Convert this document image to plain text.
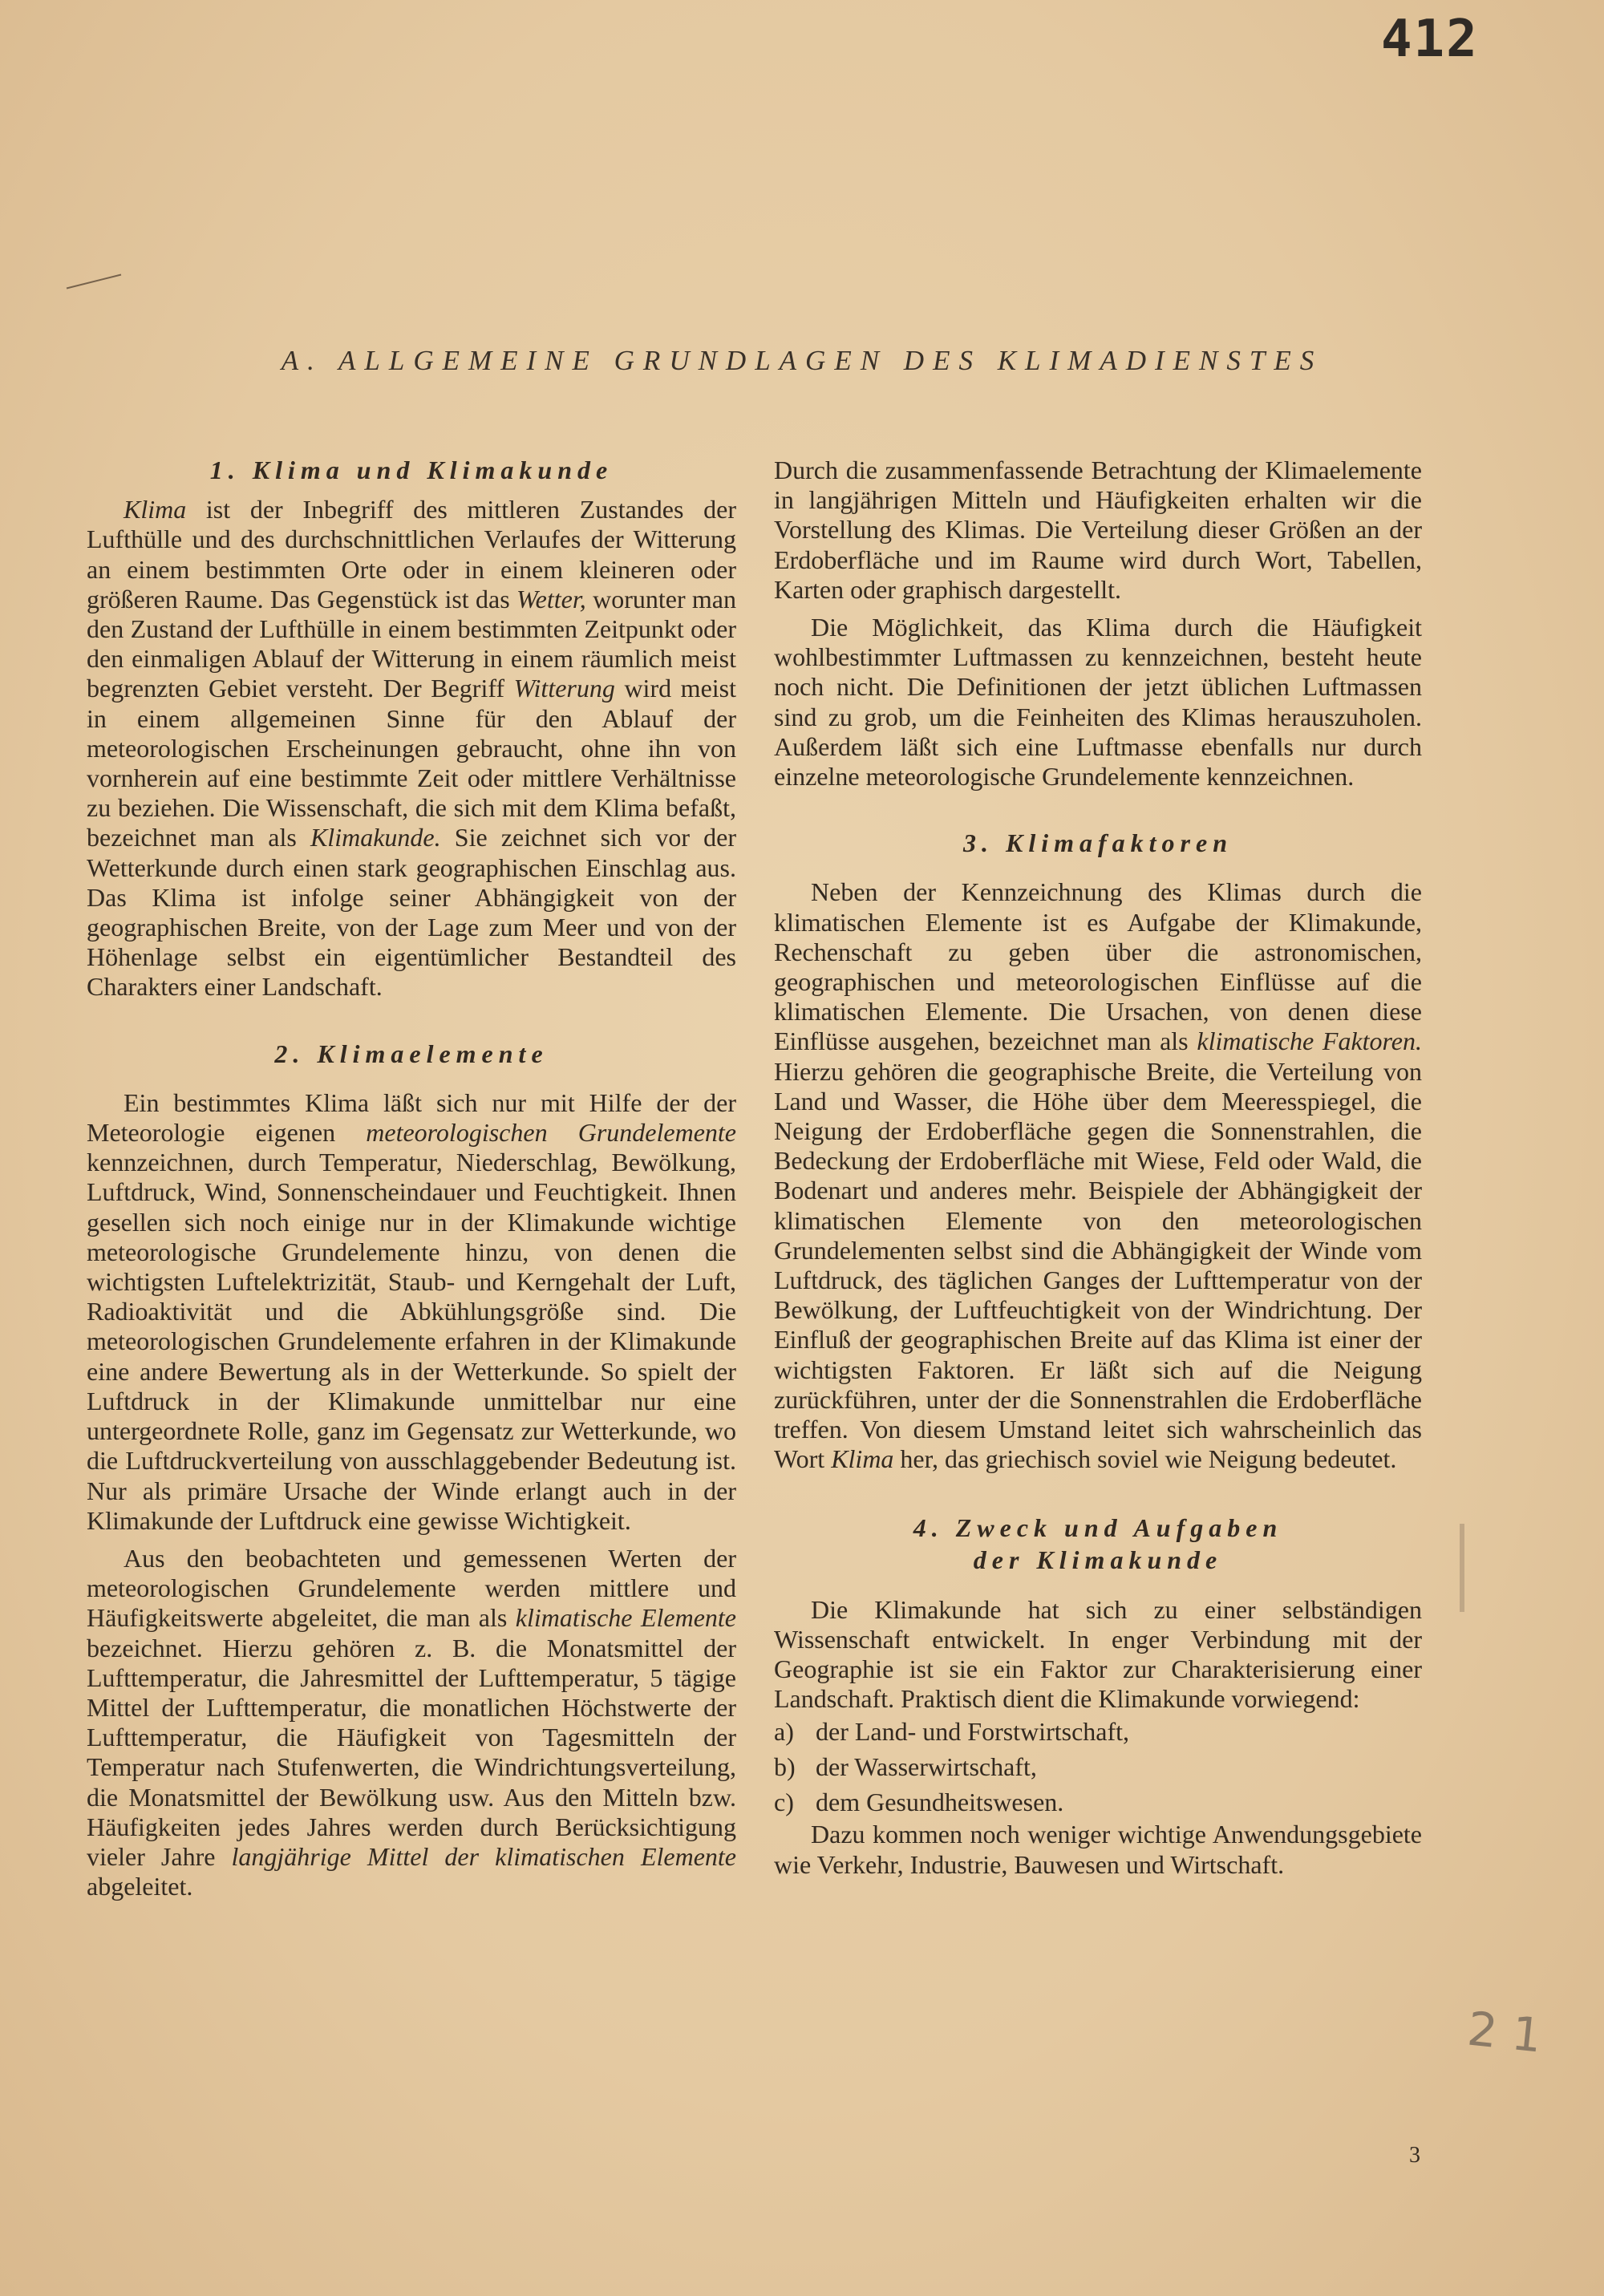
412
A. ALLGEMEINE GRUNDLAGEN DES KLIMADIENSTES
1. Klima und Klimakunde

Klima ist der Inbegriff des mittleren Zustandes der Lufthülle und des durchschnittlichen Verlaufes der Witterung an einem bestimmten Orte oder in einem kleineren oder größeren Raume. Das Gegenstück ist das Wetter, worunter man den Zustand der Lufthülle in einem bestimmten Zeitpunkt oder den einmaligen Ablauf der Witterung in einem räumlich meist begrenzten Gebiet versteht. Der Begriff Witterung wird meist in einem allgemeinen Sinne für den Ablauf der meteorologischen Erscheinungen gebraucht, ohne ihn von vornherein auf eine bestimmte Zeit oder mittlere Verhältnisse zu beziehen. Die Wissenschaft, die sich mit dem Klima befaßt, bezeichnet man als Klimakunde. Sie zeichnet sich vor der Wetterkunde durch einen stark geographischen Einschlag aus. Das Klima ist infolge seiner Abhängigkeit von der geographischen Breite, von der Lage zum Meer und von der Höhenlage selbst ein eigentümlicher Bestandteil des Charakters einer Landschaft.

2. Klimaelemente

Ein bestimmtes Klima läßt sich nur mit Hilfe der der Meteorologie eigenen meteorologischen Grundelemente kennzeichnen, durch Temperatur, Niederschlag, Bewölkung, Luftdruck, Wind, Sonnenscheindauer und Feuchtigkeit. Ihnen gesellen sich noch einige nur in der Klimakunde wichtige meteorologische Grundelemente hinzu, von denen die wichtigsten Luftelektrizität, Staub- und Kerngehalt der Luft, Radioaktivität und die Abkühlungsgröße sind. Die meteorologischen Grundelemente erfahren in der Klimakunde eine andere Bewertung als in der Wetterkunde. So spielt der Luftdruck in der Klimakunde unmittelbar nur eine untergeordnete Rolle, ganz im Gegensatz zur Wetterkunde, wo die Luftdruckverteilung von ausschlaggebender Bedeutung ist. Nur als primäre Ursache der Winde erlangt auch in der Klimakunde der Luftdruck eine gewisse Wichtigkeit.

Aus den beobachteten und gemessenen Werten der meteorologischen Grundelemente werden mittlere und Häufigkeitswerte abgeleitet, die man als klimatische Elemente bezeichnet. Hierzu gehören z. B. die Monatsmittel der Lufttemperatur, die Jahresmittel der Lufttemperatur, 5 tägige Mittel der Lufttemperatur, die monatlichen Höchstwerte der Lufttemperatur, die Häufigkeit von Tagesmitteln der Temperatur nach Stufenwerten, die Windrichtungsverteilung, die Monatsmittel der Bewölkung usw. Aus den Mitteln bzw. Häufigkeiten jedes Jahres werden durch Berücksichtigung vieler Jahre langjährige Mittel der klimatischen Elemente abgeleitet.

Durch die zusammenfassende Betrachtung der Klimaelemente in langjährigen Mitteln und Häufigkeiten erhalten wir die Vorstellung des Klimas. Die Verteilung dieser Größen an der Erdoberfläche und im Raume wird durch Wort, Tabellen, Karten oder graphisch dargestellt.

Die Möglichkeit, das Klima durch die Häufigkeit wohlbestimmter Luftmassen zu kennzeichnen, besteht heute noch nicht. Die Definitionen der jetzt üblichen Luftmassen sind zu grob, um die Feinheiten des Klimas herauszuholen. Außerdem läßt sich eine Luftmasse ebenfalls nur durch einzelne meteorologische Grundelemente kennzeichnen.

3. Klimafaktoren

Neben der Kennzeichnung des Klimas durch die klimatischen Elemente ist es Aufgabe der Klimakunde, Rechenschaft zu geben über die astronomischen, geographischen und meteorologischen Einflüsse auf die klimatischen Elemente. Die Ursachen, von denen diese Einflüsse ausgehen, bezeichnet man als klimatische Faktoren. Hierzu gehören die geographische Breite, die Verteilung von Land und Wasser, die Höhe über dem Meeresspiegel, die Neigung der Erdoberfläche gegen die Sonnenstrahlen, die Bedeckung der Erdoberfläche mit Wiese, Feld oder Wald, die Bodenart und anderes mehr. Beispiele der Abhängigkeit der klimatischen Elemente von den meteorologischen Grundelementen selbst sind die Abhängigkeit der Winde vom Luftdruck, des täglichen Ganges der Lufttemperatur von der Bewölkung, der Luftfeuchtigkeit von der Windrichtung. Der Einfluß der geographischen Breite auf das Klima ist einer der wichtigsten Faktoren. Er läßt sich auf die Neigung zurückführen, unter der die Sonnenstrahlen die Erdoberfläche treffen. Von diesem Umstand leitet sich wahrscheinlich das Wort Klima her, das griechisch soviel wie Neigung bedeutet.

4. Zweck und Aufgaben
der Klimakunde

Die Klimakunde hat sich zu einer selbständigen Wissenschaft entwickelt. In enger Verbindung mit der Geographie ist sie ein Faktor zur Charakterisierung einer Landschaft. Praktisch dient die Klimakunde vorwiegend:

a) der Land- und Forstwirtschaft,
b) der Wasserwirtschaft,
c) dem Gesundheitswesen.

Dazu kommen noch weniger wichtige Anwendungsgebiete wie Verkehr, Industrie, Bauwesen und Wirtschaft.

2 1
3
